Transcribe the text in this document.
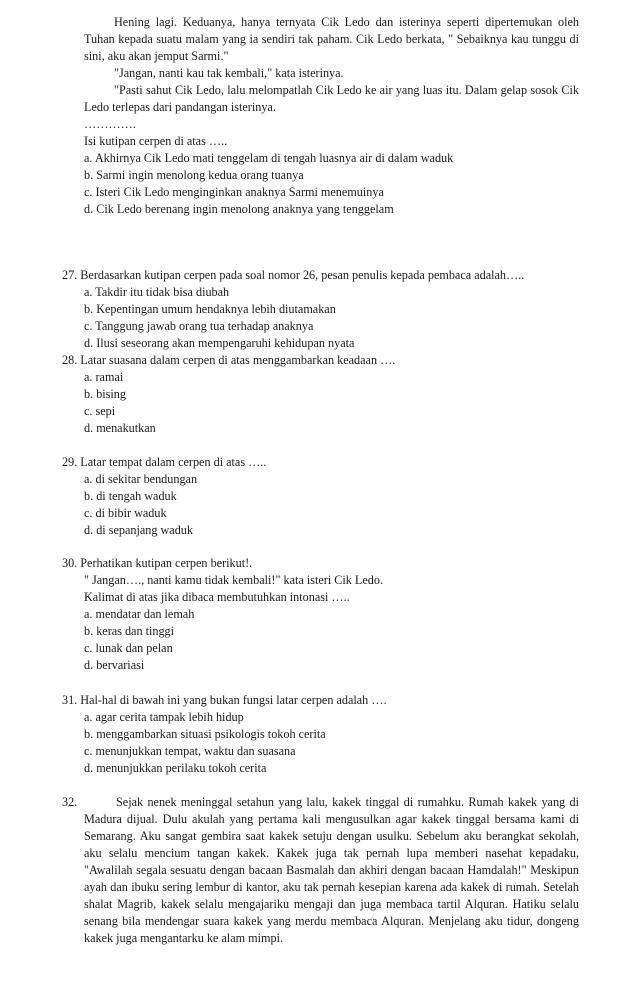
Hening lagi. Keduanya, hanya ternyata Cik Ledo dan isterinya seperti dipertemukan oleh Tuhan kepada suatu malam yang ia sendiri tak paham. Cik Ledo berkata, " Sebaiknya kau tunggu di sini, aku akan jemput Sarmi."

"Jangan, nanti kau tak kembali," kata isterinya.

"Pasti sahut Cik Ledo, lalu melompatlah Cik Ledo ke air yang luas itu. Dalam gelap sosok Cik Ledo terlepas dari pandangan isterinya.

………….

Isi kutipan cerpen di atas …..

a. Akhirnya Cik Ledo mati tenggelam di tengah luasnya air di dalam waduk

b. Sarmi ingin menolong kedua orang tuanya

c. Isteri Cik Ledo menginginkan anaknya Sarmi menemuinya

d. Cik Ledo berenang ingin menolong anaknya yang tenggelam

27. Berdasarkan kutipan cerpen pada soal nomor 26, pesan penulis kepada pembaca adalah…..

a. Takdir itu tidak bisa diubah

b. Kepentingan umum hendaknya lebih diutamakan

c. Tanggung jawab orang tua terhadap anaknya

d. Ilusi seseorang akan mempengaruhi kehidupan nyata

28. Latar suasana dalam cerpen di atas menggambarkan keadaan ….

a. ramai

b. bising

c. sepi

d. menakutkan

29. Latar tempat dalam cerpen di atas …..

a. di sekitar bendungan

b. di tengah waduk

c. di bibir waduk

d. di sepanjang waduk

30. Perhatikan kutipan cerpen berikut!.

" Jangan…., nanti kamu tidak kembali!" kata isteri Cik Ledo.

Kalimat di atas jika dibaca membutuhkan intonasi …..

a. mendatar dan lemah

b. keras dan tinggi

c. lunak dan pelan

d. bervariasi

31. Hal-hal di bawah ini yang bukan fungsi latar cerpen adalah ….

a. agar cerita tampak lebih hidup

b. menggambarkan situasi psikologis tokoh cerita

c. menunjukkan tempat, waktu dan suasana

d. menunjukkan perilaku tokoh cerita

32.	Sejak nenek meninggal setahun yang lalu, kakek tinggal di rumahku. Rumah kakek yang di Madura dijual. Dulu akulah yang pertama kali mengusulkan agar kakek tinggal bersama kami di Semarang. Aku sangat gembira saat kakek setuju dengan usulku. Sebelum aku berangkat sekolah, aku selalu mencium tangan kakek. Kakek juga tak pernah lupa memberi nasehat kepadaku, "Awalilah segala sesuatu dengan bacaan Basmalah dan akhiri dengan bacaan Hamdalah!" Meskipun ayah dan ibuku sering lembur di kantor, aku tak pernah kesepian karena ada kakek di rumah. Setelah shalat Magrib, kakek selalu mengajariku mengaji dan juga membaca tartil Alquran. Hatiku selalu senang bila mendengar suara kakek yang merdu membaca Alquran. Menjelang aku tidur, dongeng kakek juga mengantarku ke alam mimpi.
